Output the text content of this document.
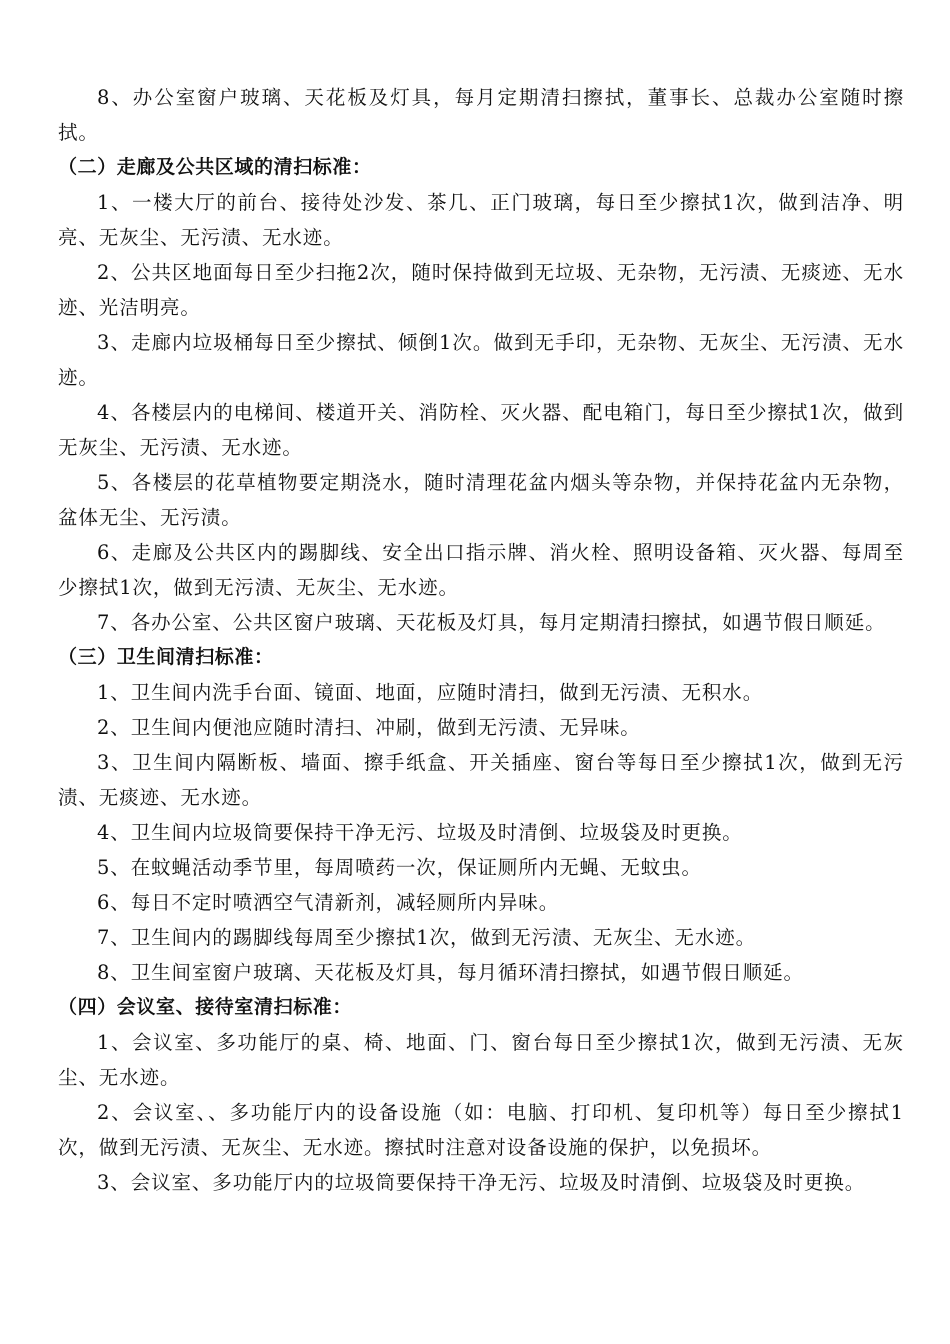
8、办公室窗户玻璃、天花板及灯具，每月定期清扫擦拭，董事长、总裁办公室随时擦拭。

（二）走廊及公共区域的清扫标准：

1、一楼大厅的前台、接待处沙发、茶几、正门玻璃，每日至少擦拭1次，做到洁净、明亮、无灰尘、无污渍、无水迹。

2、公共区地面每日至少扫拖2次，随时保持做到无垃圾、无杂物，无污渍、无痰迹、无水迹、光洁明亮。

3、走廊内垃圾桶每日至少擦拭、倾倒1次。做到无手印，无杂物、无灰尘、无污渍、无水迹。

4、各楼层内的电梯间、楼道开关、消防栓、灭火器、配电箱门，每日至少擦拭1次，做到无灰尘、无污渍、无水迹。

5、各楼层的花草植物要定期浇水，随时清理花盆内烟头等杂物，并保持花盆内无杂物，盆体无尘、无污渍。

6、走廊及公共区内的踢脚线、安全出口指示牌、消火栓、照明设备箱、灭火器、每周至少擦拭1次，做到无污渍、无灰尘、无水迹。

7、各办公室、公共区窗户玻璃、天花板及灯具，每月定期清扫擦拭，如遇节假日顺延。

（三）卫生间清扫标准：

1、卫生间内洗手台面、镜面、地面，应随时清扫，做到无污渍、无积水。

2、卫生间内便池应随时清扫、冲刷，做到无污渍、无异味。

3、卫生间内隔断板、墙面、擦手纸盒、开关插座、窗台等每日至少擦拭1次，做到无污渍、无痰迹、无水迹。

4、卫生间内垃圾筒要保持干净无污、垃圾及时清倒、垃圾袋及时更换。

5、在蚊蝇活动季节里，每周喷药一次，保证厕所内无蝇、无蚊虫。

6、每日不定时喷洒空气清新剂，减轻厕所内异味。

7、卫生间内的踢脚线每周至少擦拭1次，做到无污渍、无灰尘、无水迹。

8、卫生间室窗户玻璃、天花板及灯具，每月循环清扫擦拭，如遇节假日顺延。

（四）会议室、接待室清扫标准：

1、会议室、多功能厅的桌、椅、地面、门、窗台每日至少擦拭1次，做到无污渍、无灰尘、无水迹。

2、会议室、、多功能厅内的设备设施（如：电脑、打印机、复印机等）每日至少擦拭1次，做到无污渍、无灰尘、无水迹。擦拭时注意对设备设施的保护，以免损坏。

3、会议室、多功能厅内的垃圾筒要保持干净无污、垃圾及时清倒、垃圾袋及时更换。
